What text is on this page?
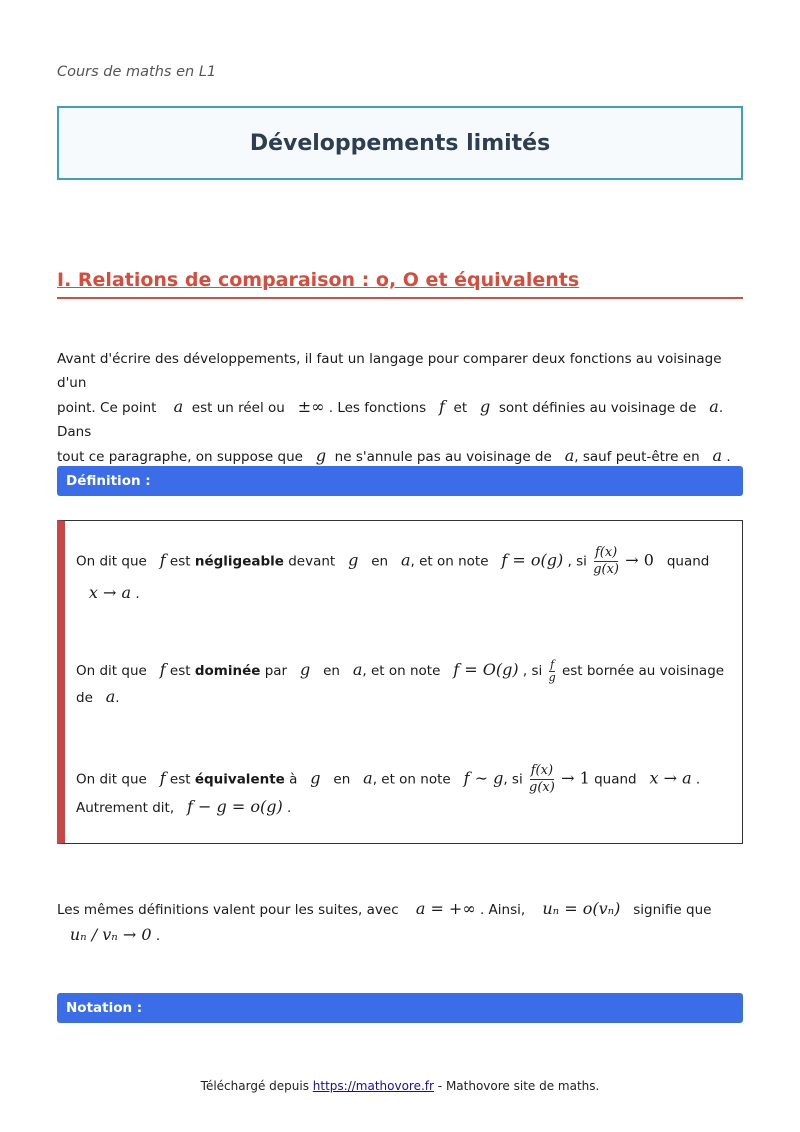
Cours de maths en L1
Développements limités
I. Relations de comparaison : o, O et équivalents
Avant d'écrire des développements, il faut un langage pour comparer deux fonctions au voisinage d'un
point. Ce point a est un réel ou ±∞ . Les fonctions f et g sont définies au voisinage de a. Dans
tout ce paragraphe, on suppose que g ne s'annule pas au voisinage de a, sauf peut-être en a .
Définition :
On dit que f est négligeable devant g en a, et on note f = o(g) , si $\frac{f(x)}{g(x)} \to 0$ quand
x → a .
On dit que f est dominée par g en a, et on note f = O(g) , si $\frac{f}{g}$ est bornée au voisinage
de a.
On dit que f est équivalente à g en a, et on note f ∼ g, si $\frac{f(x)}{g(x)} \to 1$ quand x → a .
Autrement dit, f − g = o(g) .
Les mêmes définitions valent pour les suites, avec a = +∞ . Ainsi, uₙ = o(vₙ) signifie que
uₙ / vₙ → 0 .
Notation :
Téléchargé depuis https://mathovore.fr - Mathovore site de maths.
